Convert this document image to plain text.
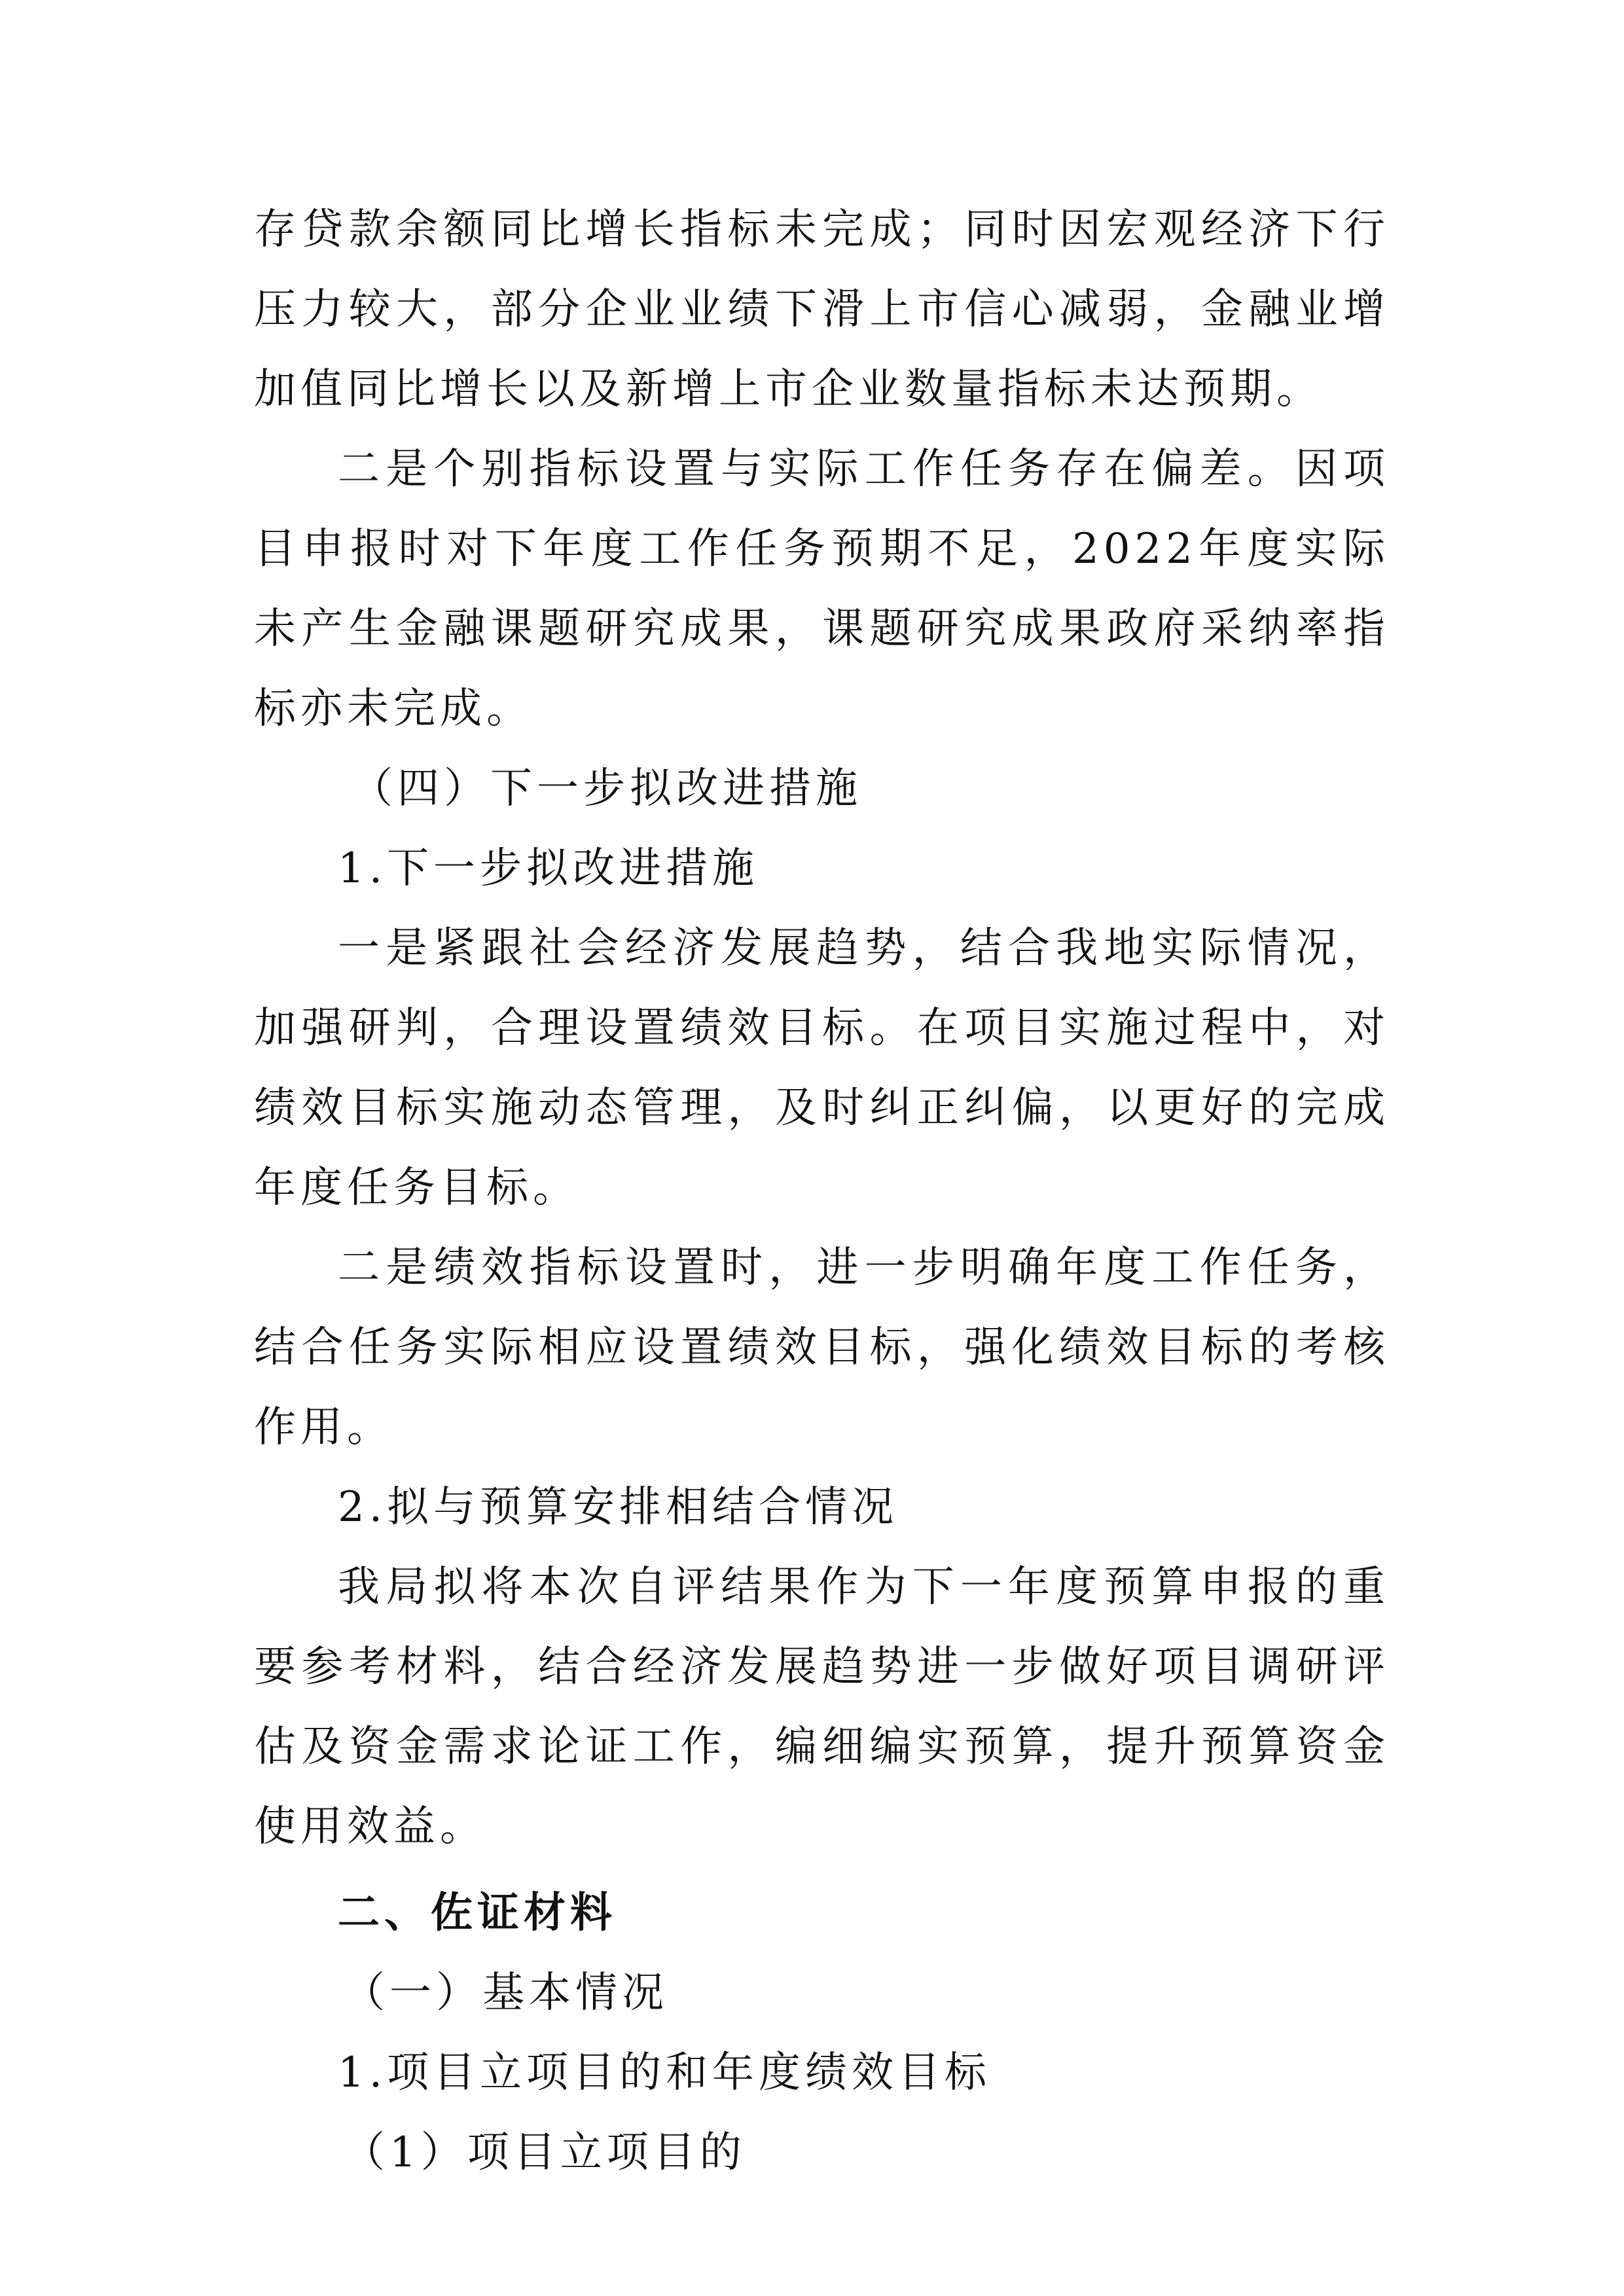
存贷款余额同比增长指标未完成；同时因宏观经济下行压力较大，部分企业业绩下滑上市信心减弱，金融业增加值同比增长以及新增上市企业数量指标未达预期。

二是个别指标设置与实际工作任务存在偏差。因项目申报时对下年度工作任务预期不足，2022年度实际未产生金融课题研究成果，课题研究成果政府采纳率指标亦未完成。

（四）下一步拟改进措施

1.下一步拟改进措施

一是紧跟社会经济发展趋势，结合我地实际情况，加强研判，合理设置绩效目标。在项目实施过程中，对绩效目标实施动态管理，及时纠正纠偏，以更好的完成年度任务目标。

二是绩效指标设置时，进一步明确年度工作任务，结合任务实际相应设置绩效目标，强化绩效目标的考核作用。

2.拟与预算安排相结合情况

我局拟将本次自评结果作为下一年度预算申报的重要参考材料，结合经济发展趋势进一步做好项目调研评估及资金需求论证工作，编细编实预算，提升预算资金使用效益。

二、佐证材料

（一）基本情况

1.项目立项目的和年度绩效目标

（1）项目立项目的
